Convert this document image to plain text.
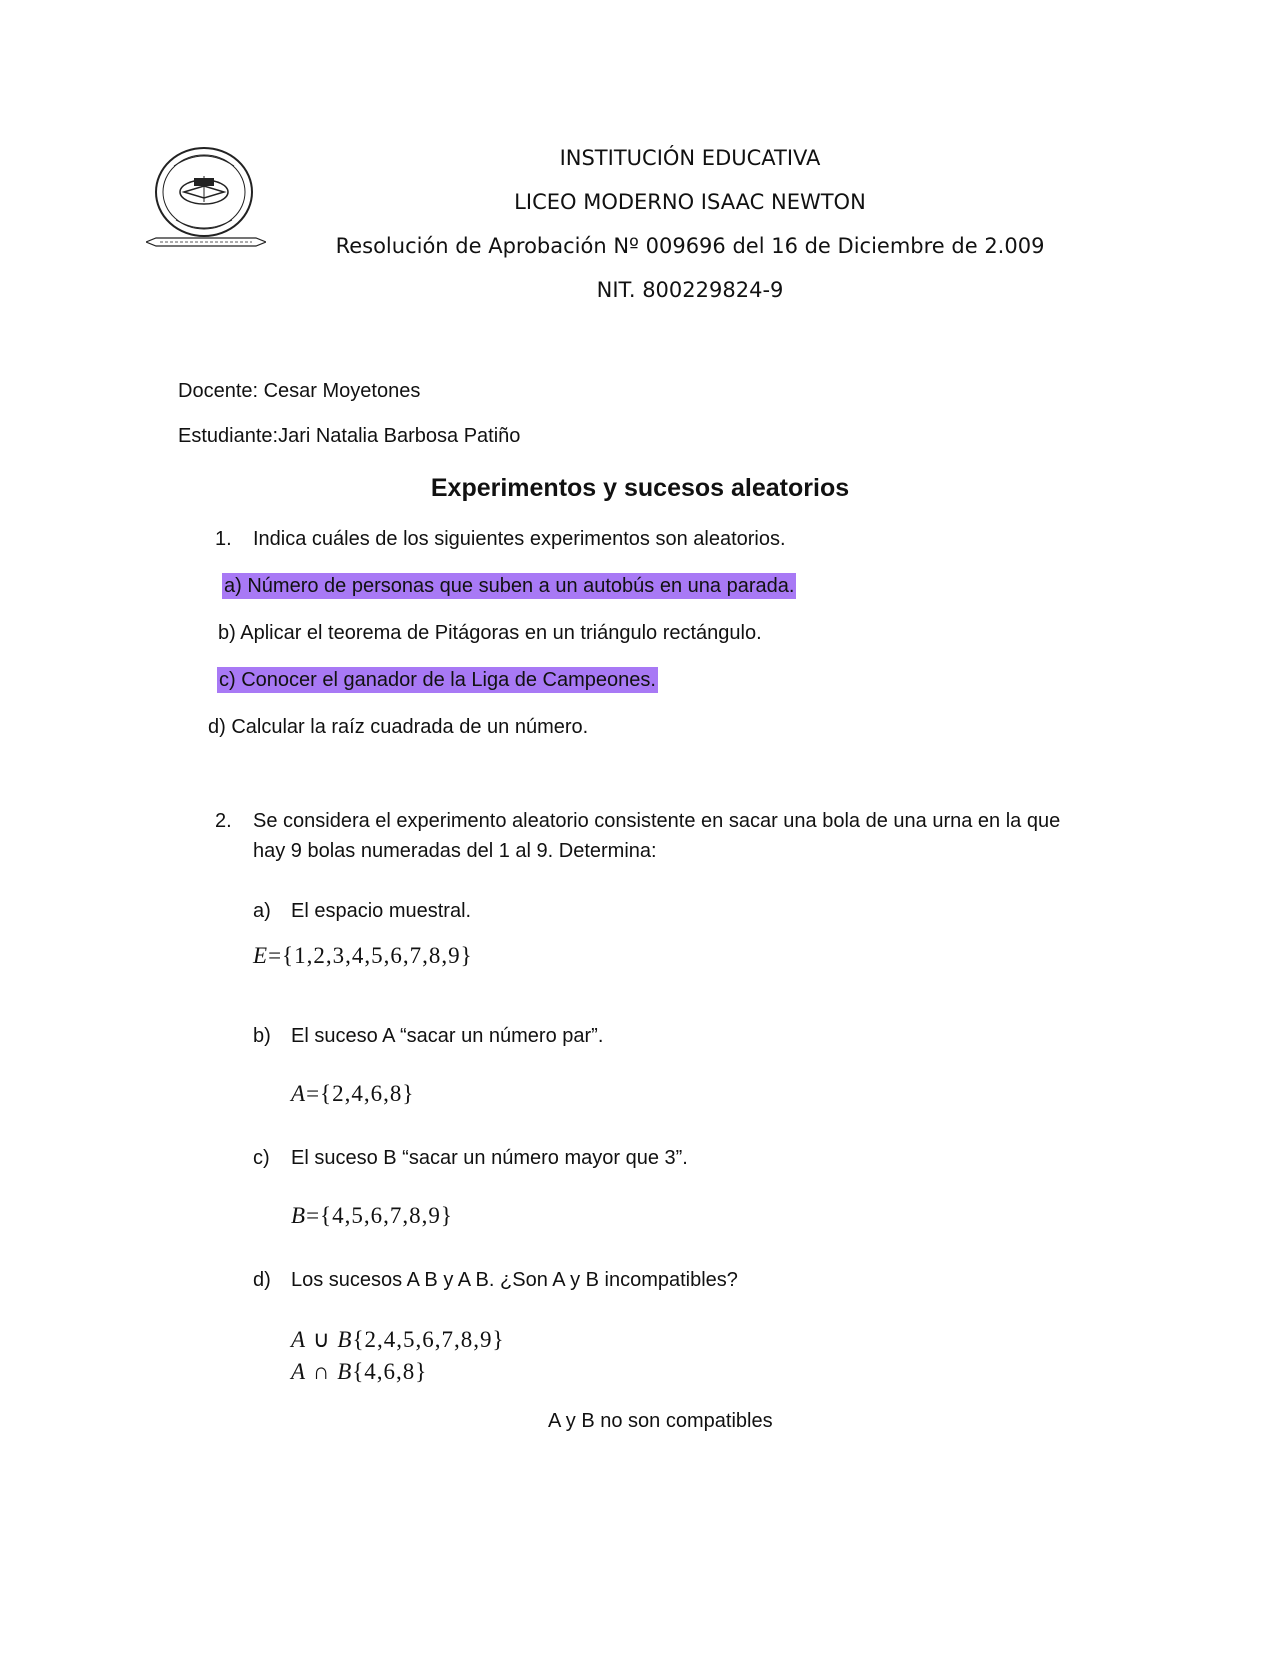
INSTITUCIÓN EDUCATIVA
LICEO MODERNO ISAAC NEWTON
Resolución de Aprobación Nº 009696 del 16 de Diciembre de 2.009
NIT. 800229824-9
Docente: Cesar Moyetones
Estudiante:Jari Natalia Barbosa Patiño
Experimentos y sucesos aleatorios
1. Indica cuáles de los siguientes experimentos son aleatorios.
a) Número de personas que suben a un autobús en una parada.
b) Aplicar el teorema de Pitágoras en un triángulo rectángulo.
c) Conocer el ganador de la Liga de Campeones.
d) Calcular la raíz cuadrada de un número.
2. Se considera el experimento aleatorio consistente en sacar una bola de una urna en la que
hay 9 bolas numeradas del 1 al 9. Determina:
a) El espacio muestral.
E={1,2,3,4,5,6,7,8,9}
b) El suceso A “sacar un número par”.
A={2,4,6,8}
c) El suceso B “sacar un número mayor que 3”.
B={4,5,6,7,8,9}
d) Los sucesos A B y A B. ¿Son A y B incompatibles?
A ∪ B{2,4,5,6,7,8,9}
A ∩ B{4,6,8}
A y B no son compatibles
